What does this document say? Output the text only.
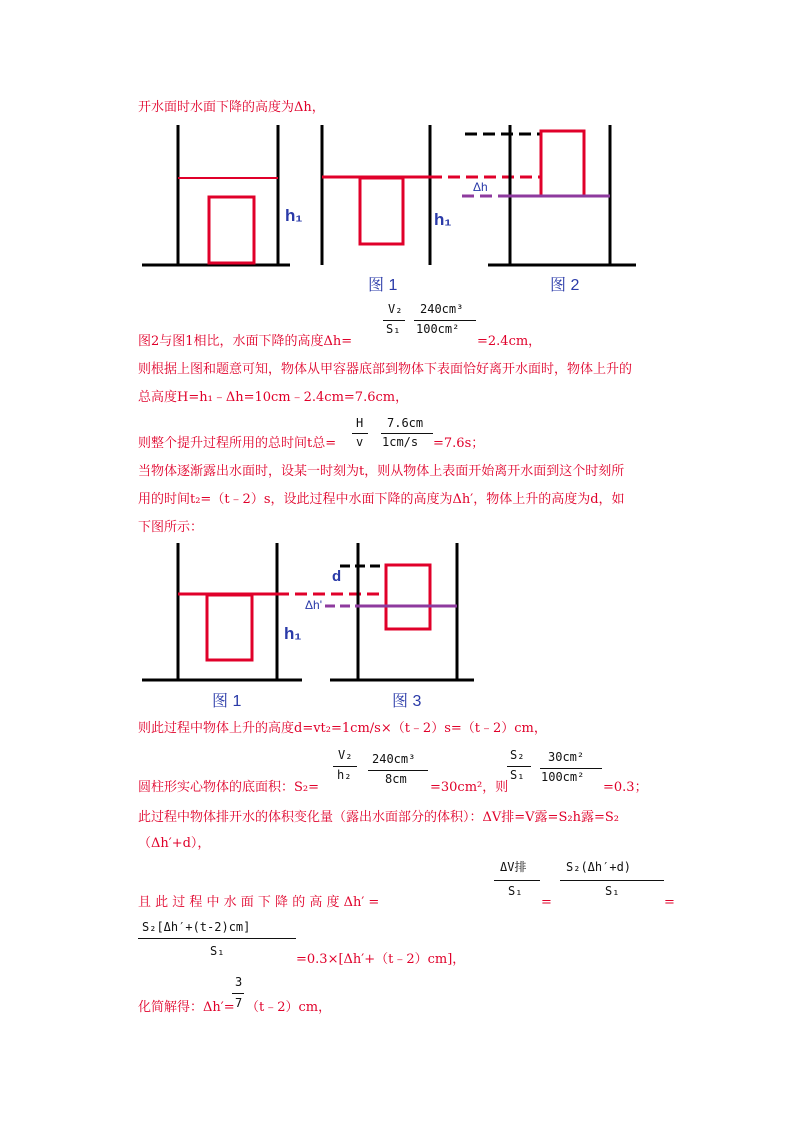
开水面时水面下降的高度为Δh，
h₁	h₁
Δh
图 1	图 2
V₂
S₁
240cm³
100cm²
图2与图1相比，水面下降的高度Δh=	=2.4cm，
则根据上图和题意可知，物体从甲容器底部到物体下表面恰好离开水面时，物体上升的
总高度H=h₁﹣Δh=10cm﹣2.4cm=7.6cm，
H
v
7.6cm
1cm/s
则整个提升过程所用的总时间t总=	=7.6s；
当物体逐渐露出水面时，设某一时刻为t，则从物体上表面开始离开水面到这个时刻所
用的时间t₂=（t﹣2）s，设此过程中水面下降的高度为Δh′，物体上升的高度为d，如
下图所示：
d
Δh'
h₁
图 1	图 3
则此过程中物体上升的高度d=vt₂=1cm/s×（t﹣2）s=（t﹣2）cm，
V₂
h₂
240cm³
8cm
S₂
S₁
30cm²
100cm²
圆柱形实心物体的底面积：S₂=	=30cm²，则	=0.3；
此过程中物体排开水的体积变化量（露出水面部分的体积）：ΔV排=V露=S₂h露=S₂
（Δh′+d），
ΔV排
S₁
S₂(Δh′+d)
S₁
且 此 过 程 中 水 面 下 降 的 高 度 Δh′ =	=	=
S₂[Δh′+(t-2)cm]
S₁
=0.3×[Δh′+（t﹣2）cm]，
3
7
化简解得：Δh′= （t﹣2）cm，
